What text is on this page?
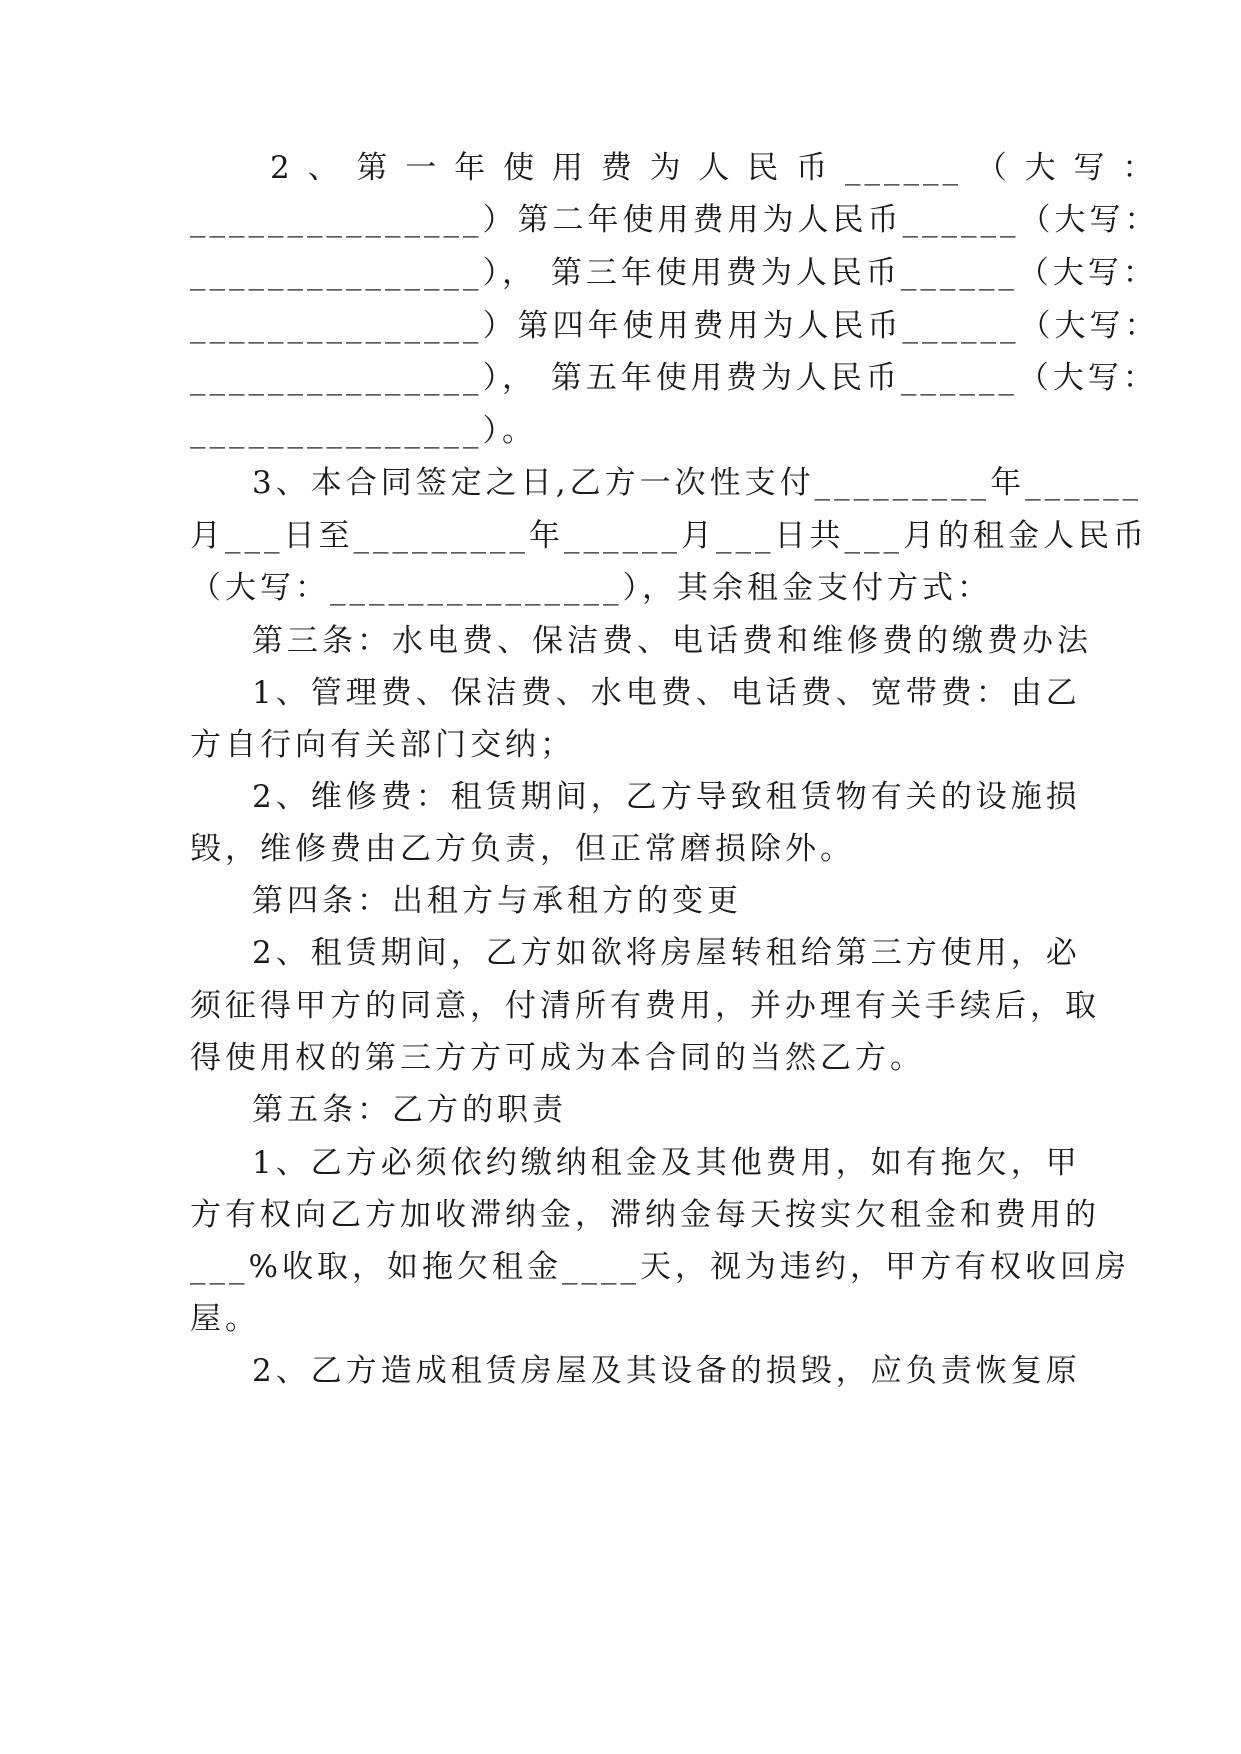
2 、 第 一 年 使 用 费 为 人 民 币 ______ （ 大 写 ：
_______________）第二年使用费用为人民币______（大写：
_______________）， 第三年使用费为人民币______（大写：
_______________）第四年使用费用为人民币______（大写：
_______________）， 第五年使用费为人民币______（大写：
_______________）。
3、本合同签定之日,乙方一次性支付_________年______
月___日至_________年______月___日共___月的租金人民币
（大写：_______________），其余租金支付方式：
第三条：水电费、保洁费、电话费和维修费的缴费办法
1、管理费、保洁费、水电费、电话费、宽带费：由乙
方自行向有关部门交纳；
2、维修费：租赁期间，乙方导致租赁物有关的设施损
毁，维修费由乙方负责，但正常磨损除外。
第四条：出租方与承租方的变更
2、租赁期间，乙方如欲将房屋转租给第三方使用，必
须征得甲方的同意，付清所有费用，并办理有关手续后，取
得使用权的第三方方可成为本合同的当然乙方。
第五条：乙方的职责
1、乙方必须依约缴纳租金及其他费用，如有拖欠，甲
方有权向乙方加收滞纳金，滞纳金每天按实欠租金和费用的
___%收取，如拖欠租金____天，视为违约，甲方有权收回房
屋。
2、乙方造成租赁房屋及其设备的损毁，应负责恢复原
